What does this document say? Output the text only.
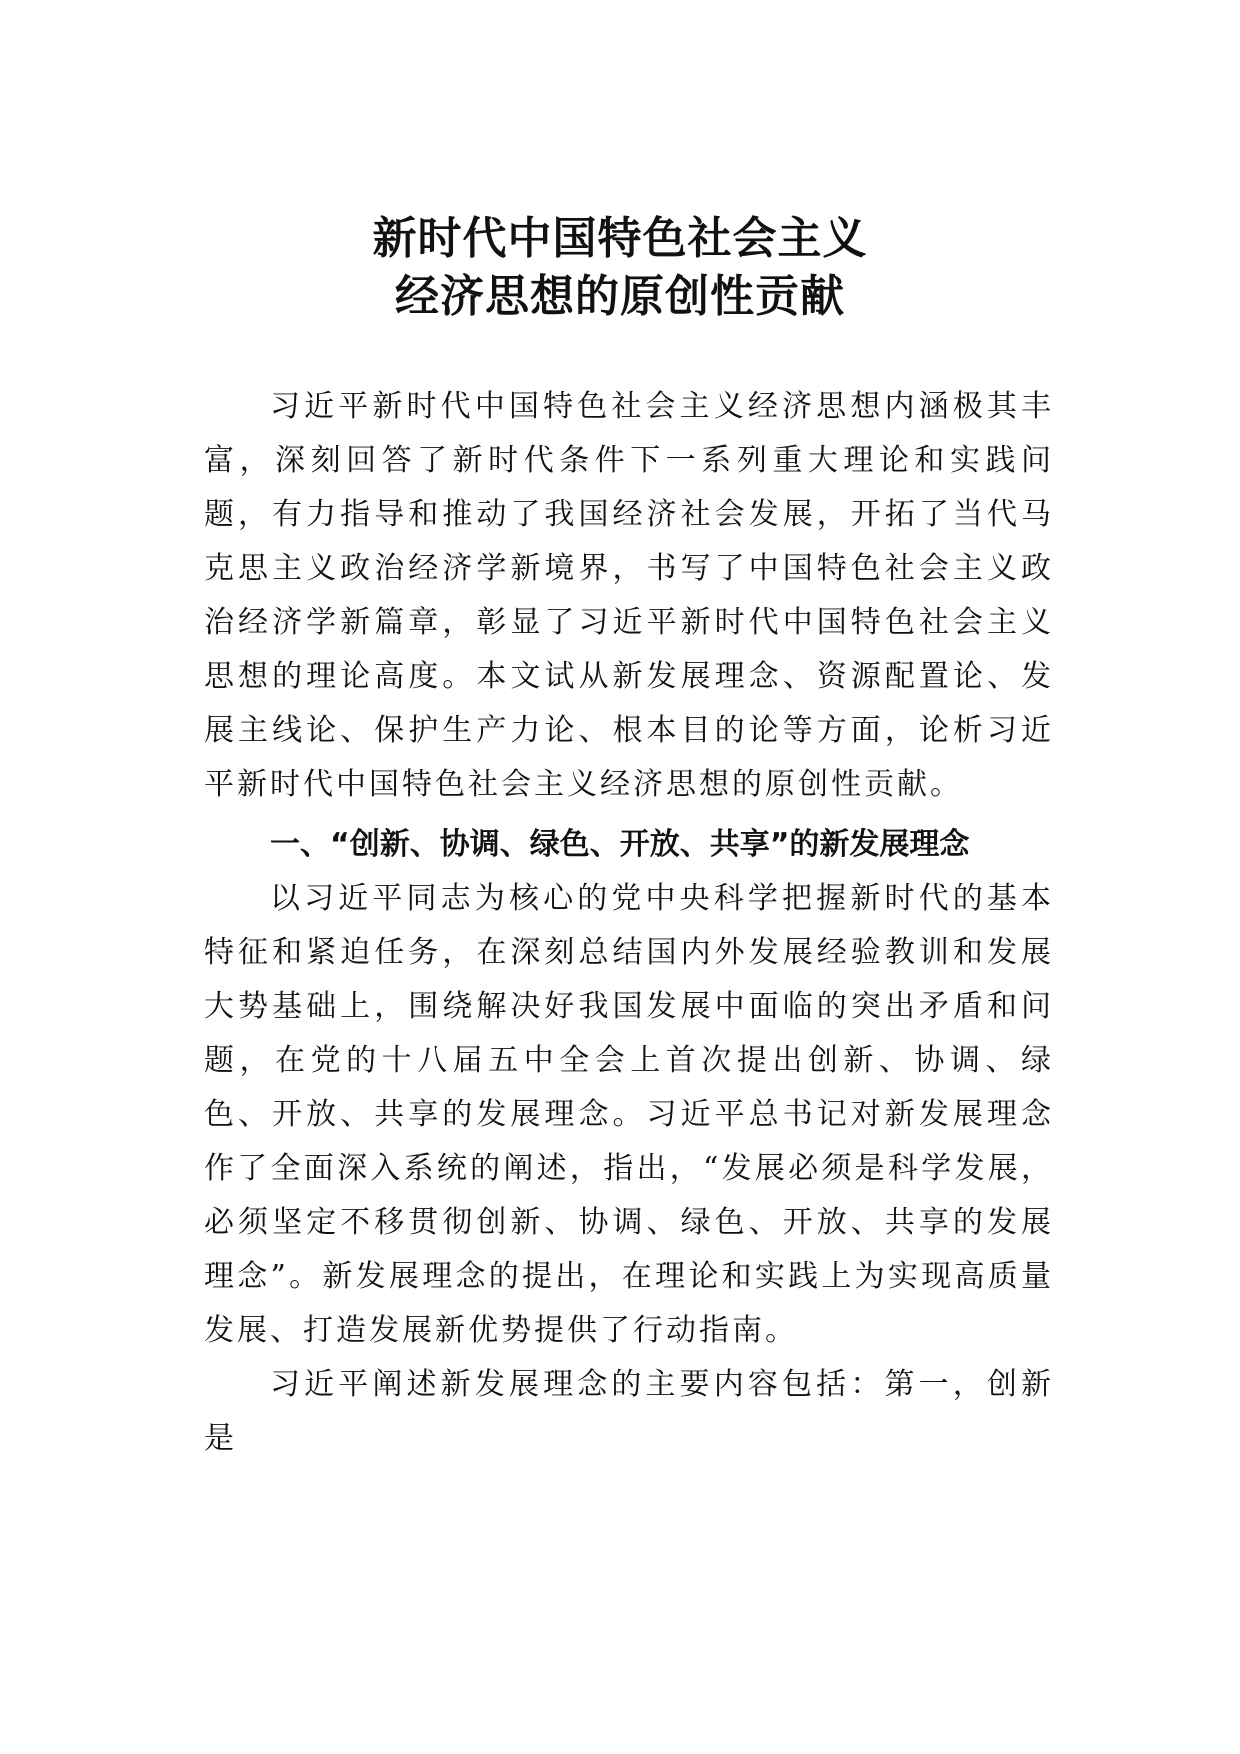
新时代中国特色社会主义
经济思想的原创性贡献

习近平新时代中国特色社会主义经济思想内涵极其丰富，深刻回答了新时代条件下一系列重大理论和实践问题，有力指导和推动了我国经济社会发展，开拓了当代马克思主义政治经济学新境界，书写了中国特色社会主义政治经济学新篇章，彰显了习近平新时代中国特色社会主义思想的理论高度。本文试从新发展理念、资源配置论、发展主线论、保护生产力论、根本目的论等方面，论析习近平新时代中国特色社会主义经济思想的原创性贡献。

一、“创新、协调、绿色、开放、共享”的新发展理念

以习近平同志为核心的党中央科学把握新时代的基本特征和紧迫任务，在深刻总结国内外发展经验教训和发展大势基础上，围绕解决好我国发展中面临的突出矛盾和问题，在党的十八届五中全会上首次提出创新、协调、绿色、开放、共享的发展理念。习近平总书记对新发展理念作了全面深入系统的阐述，指出，“发展必须是科学发展，必须坚定不移贯彻创新、协调、绿色、开放、共享的发展理念”。新发展理念的提出，在理论和实践上为实现高质量发展、打造发展新优势提供了行动指南。

习近平阐述新发展理念的主要内容包括：第一，创新是
